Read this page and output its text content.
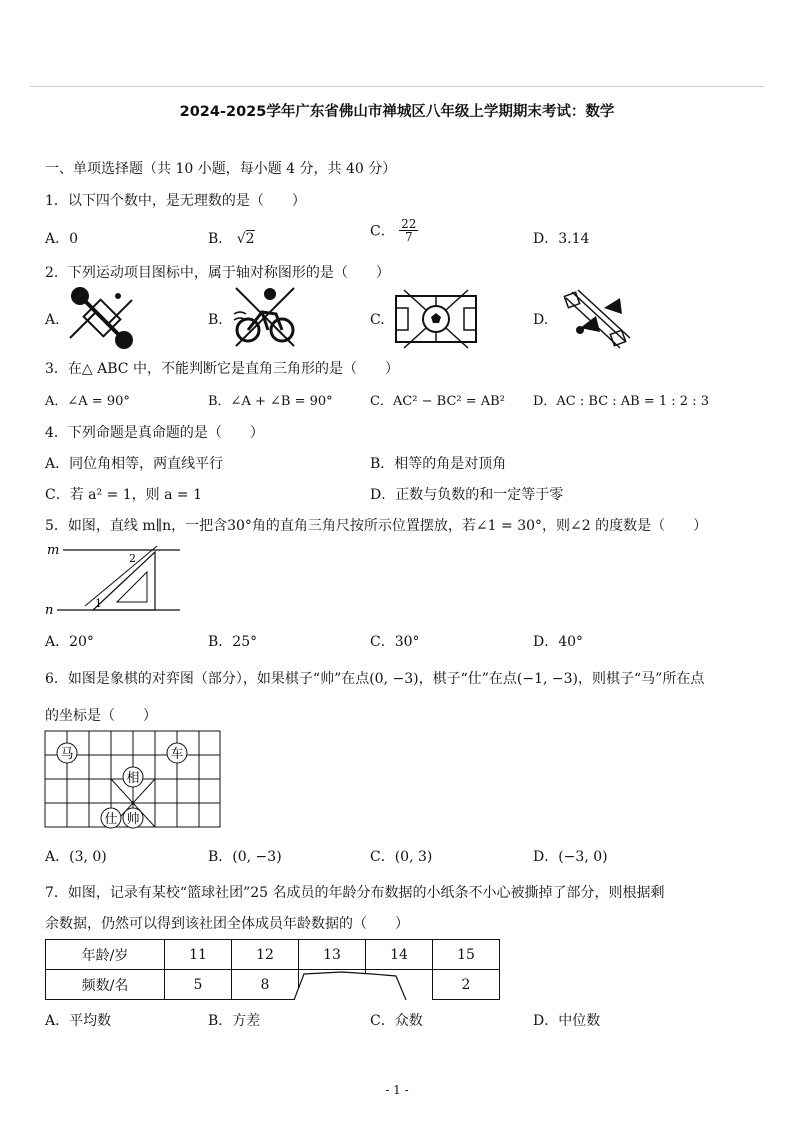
2024-2025学年广东省佛山市禅城区八年级上学期期末考试：数学
一、单项选择题（共 10 小题，每小题 4 分，共 40 分）
1．以下四个数中，是无理数的是（　　）
A．0	B． √2	C． $\frac{22}{7}$	D．3.14
2．下列运动项目图标中，属于轴对称图形的是（　　）
A.	B.	C.	D.
3．在△ ABC 中，不能判断它是直角三角形的是（　　）
A．∠A = 90°	B．∠A + ∠B = 90°	C．AC² − BC² = AB² D．AC : BC : AB = 1 : 2 : 3
4．下列命题是真命题的是（　　）
A．同位角相等，两直线平行	B．相等的角是对顶角
C．若 a² = 1，则 a = 1	D．正数与负数的和一定等于零
5．如图，直线 m∥n，一把含30°角的直角三角尺按所示位置摆放，若∠1 = 30°，则∠2 的度数是（　　）
m
n	1
2
A．20°	B．25°	C．30°	D．40°
6．如图是象棋的对弈图（部分），如果棋子“帅”在点(0, −3)，棋子“仕”在点(−1, −3)，则棋子“马”所在点
的坐标是（　　）
马	车
相
仕 帅
A．(3, 0)	B．(0, −3)	C．(0, 3)	D．(−3, 0)
7．如图，记录有某校“篮球社团”25 名成员的年龄分布数据的小纸条不小心被撕掉了部分，则根据剩
余数据，仍然可以得到该社团全体成员年龄数据的（　　）
年龄/岁	11	12	13	14	15
频数/名	5	8			2
A．平均数	B．方差	C．众数	D．中位数
- 1 -
